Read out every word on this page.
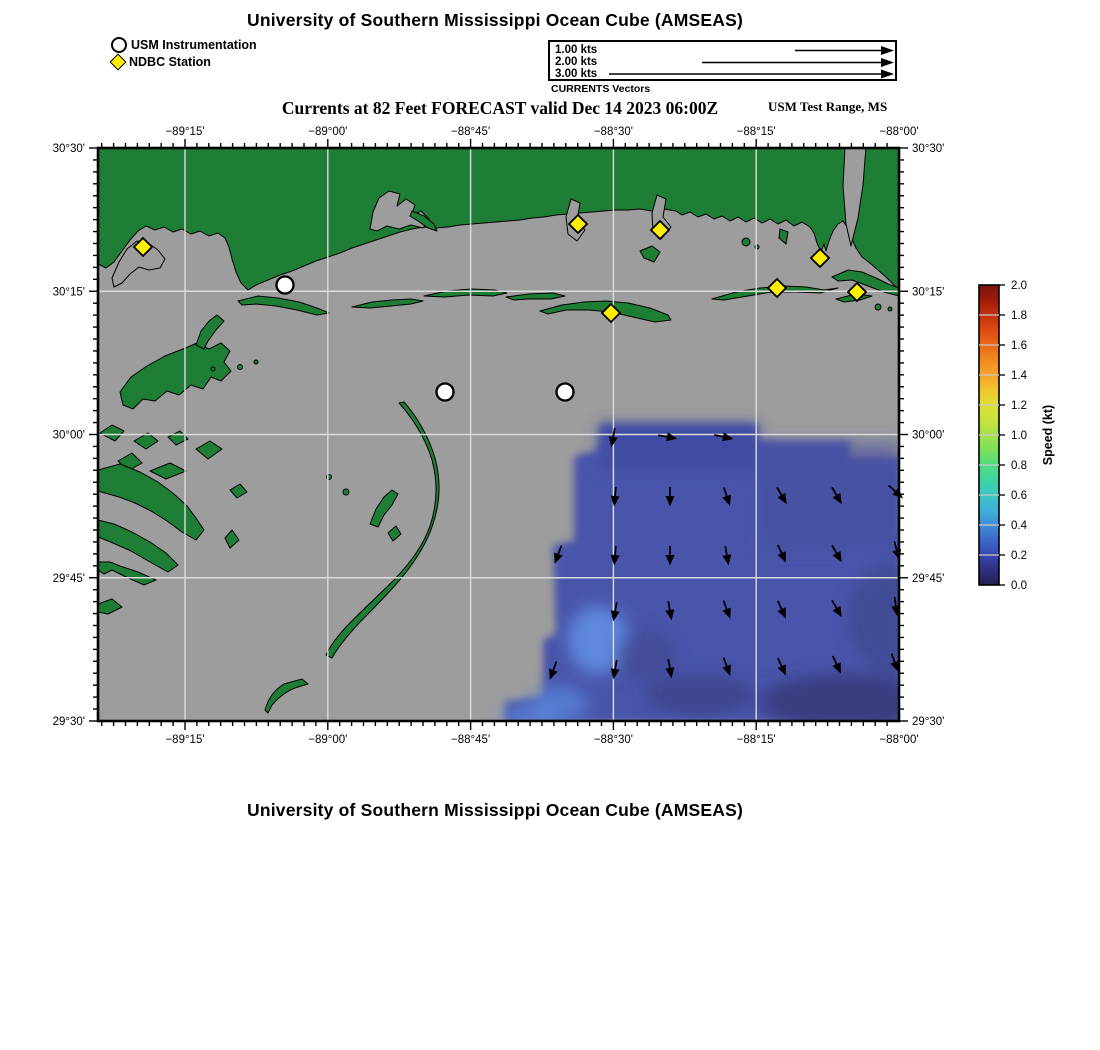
University of Southern Mississippi Ocean Cube (AMSEAS)
USM Instrumentation
NDBC Station
1.00 kts
2.00 kts
3.00 kts
CURRENTS Vectors
Currents at 82 Feet FORECAST valid Dec 14 2023 06:00Z	USM Test Range, MS
−89°15'
−89°15'
−89°00'
−89°00'
−88°45'
−88°45'
−88°30'
−88°30'
−88°15'
−88°15'
−88°00'
−88°00'
30°30'	30°30'
30°15'	30°15'
30°00'	30°00'
29°45'	29°45'
29°30'	29°30'
0.0
0.2
0.4
0.6
0.8
1.0
1.2
1.4
1.6
1.8
2.0
Speed (kt)
University of Southern Mississippi Ocean Cube (AMSEAS)
